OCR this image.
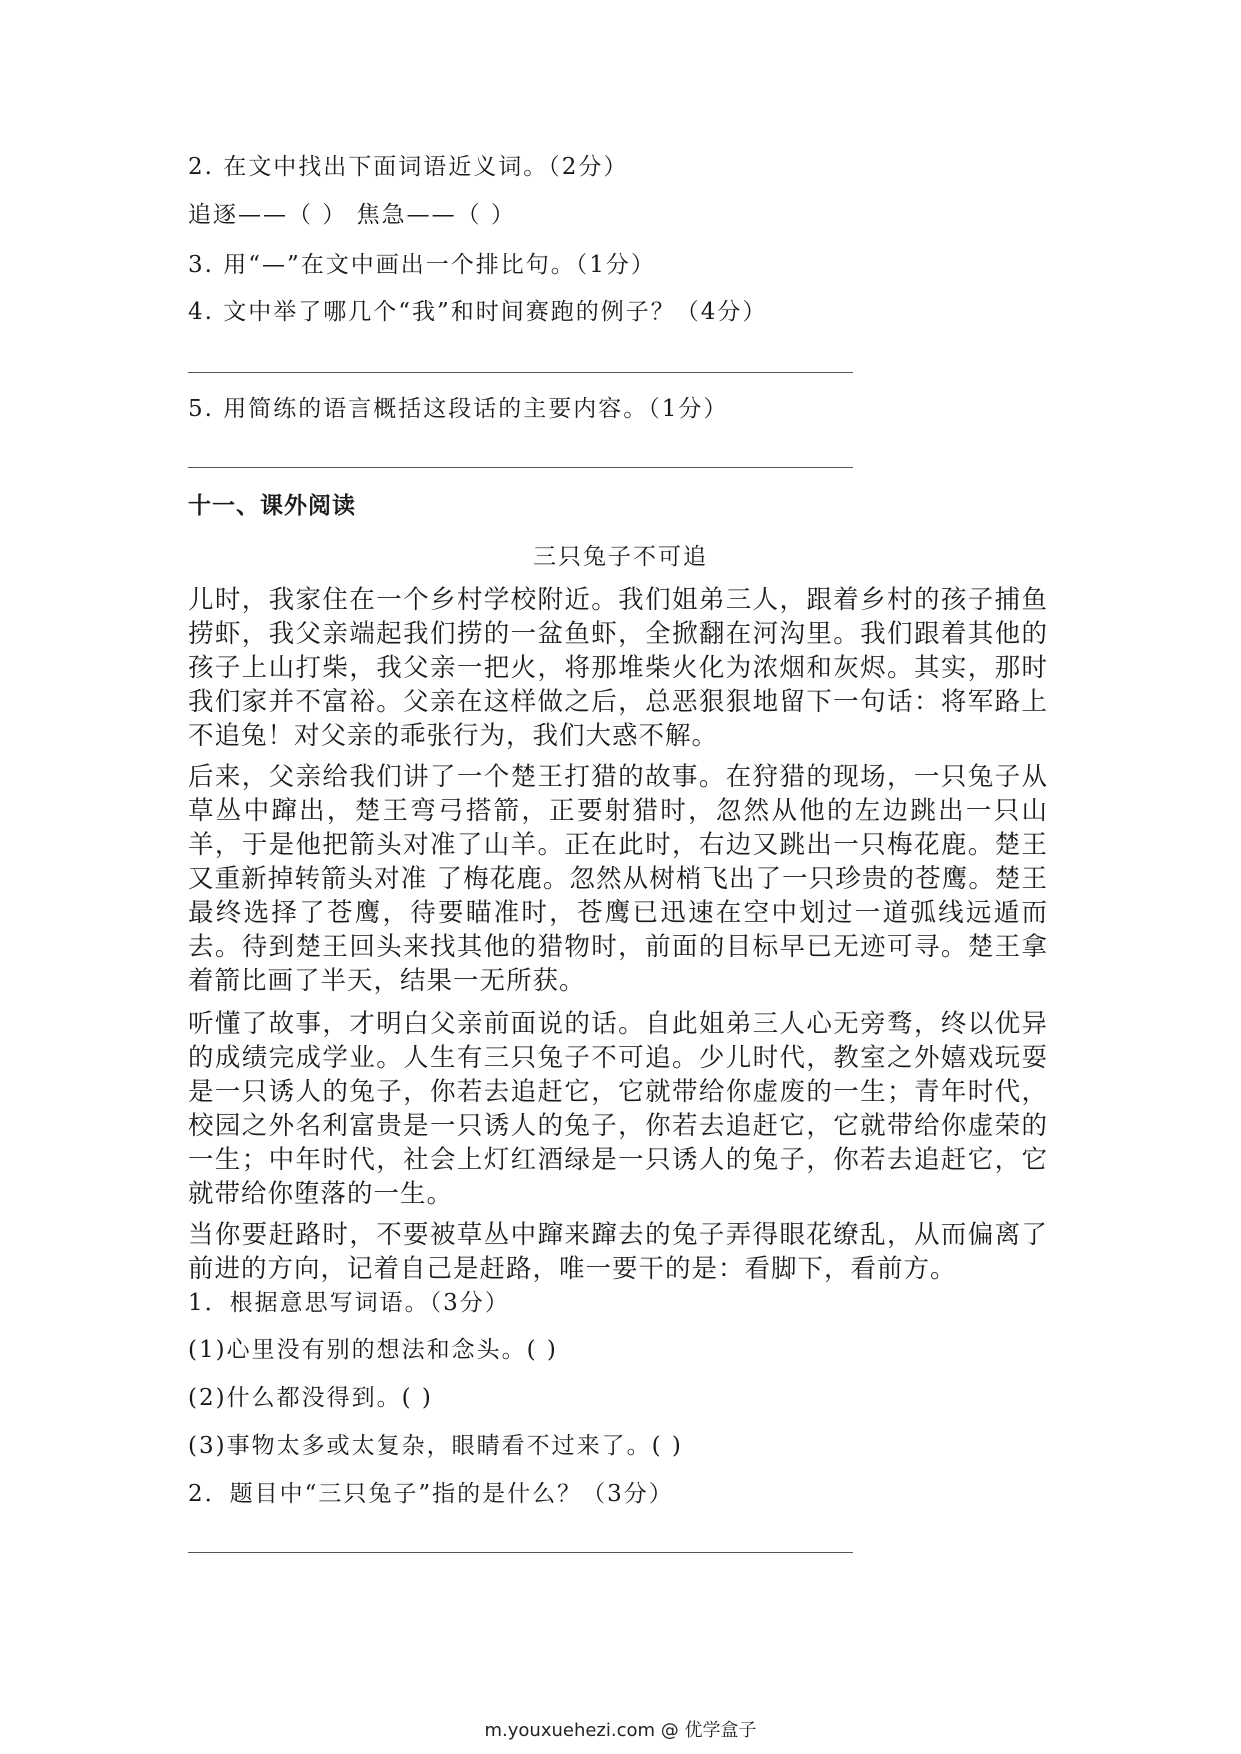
2. 在文中找出下面词语近义词。（2分）
追逐——（ ） 焦急——（ ）
3. 用“—”在文中画出一个排比句。（1分）
4. 文中举了哪几个“我”和时间赛跑的例子？（4分）
5. 用简练的语言概括这段话的主要内容。（1分）
十一、课外阅读
三只兔子不可追
儿时，我家住在一个乡村学校附近。我们姐弟三人，跟着乡村的孩子捕鱼捞虾，我父亲端起我们捞的一盆鱼虾，全掀翻在河沟里。我们跟着其他的孩子上山打柴，我父亲一把火，将那堆柴火化为浓烟和灰烬。其实，那时我们家并不富裕。父亲在这样做之后，总恶狠狠地留下一句话：将军路上不追兔！对父亲的乖张行为，我们大惑不解。
后来，父亲给我们讲了一个楚王打猎的故事。在狩猎的现场，一只兔子从草丛中蹿出，楚王弯弓搭箭，正要射猎时，忽然从他的左边跳出一只山羊，于是他把箭头对准了山羊。正在此时，右边又跳出一只梅花鹿。楚王又重新掉转箭头对准 了梅花鹿。忽然从树梢飞出了一只珍贵的苍鹰。楚王最终选择了苍鹰，待要瞄准时，苍鹰已迅速在空中划过一道弧线远遁而去。待到楚王回头来找其他的猎物时，前面的目标早已无迹可寻。楚王拿着箭比画了半天，结果一无所获。
听懂了故事，才明白父亲前面说的话。自此姐弟三人心无旁骛，终以优异的成绩完成学业。人生有三只兔子不可追。少儿时代，教室之外嬉戏玩耍是一只诱人的兔子，你若去追赶它，它就带给你虚废的一生；青年时代，校园之外名利富贵是一只诱人的兔子，你若去追赶它，它就带给你虚荣的一生；中年时代，社会上灯红酒绿是一只诱人的兔子，你若去追赶它，它就带给你堕落的一生。
当你要赶路时，不要被草丛中蹿来蹿去的兔子弄得眼花缭乱，从而偏离了前进的方向，记着自己是赶路，唯一要干的是：看脚下，看前方。
1．根据意思写词语。（3分）
(1)心里没有别的想法和念头。( )
(2)什么都没得到。( )
(3)事物太多或太复杂，眼睛看不过来了。( )
2．题目中“三只兔子”指的是什么？（3分）
m.youxuehezi.com @ 优学盒子
